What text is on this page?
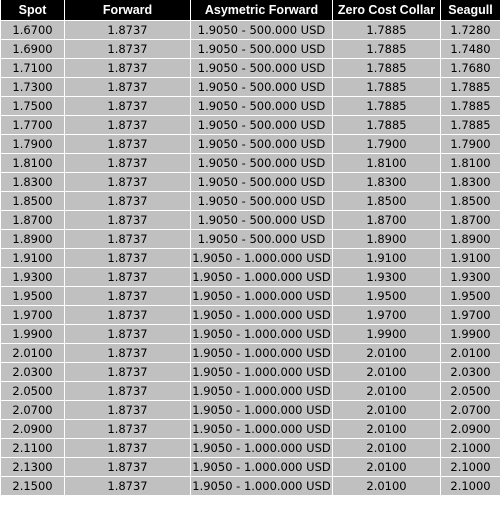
Spot	Forward	Asymetric Forward	Zero Cost Collar	Seagull
1.6700	1.8737	1.9050 - 500.000 USD	1.7885	1.7280
1.6900	1.8737	1.9050 - 500.000 USD	1.7885	1.7480
1.7100	1.8737	1.9050 - 500.000 USD	1.7885	1.7680
1.7300	1.8737	1.9050 - 500.000 USD	1.7885	1.7885
1.7500	1.8737	1.9050 - 500.000 USD	1.7885	1.7885
1.7700	1.8737	1.9050 - 500.000 USD	1.7885	1.7885
1.7900	1.8737	1.9050 - 500.000 USD	1.7900	1.7900
1.8100	1.8737	1.9050 - 500.000 USD	1.8100	1.8100
1.8300	1.8737	1.9050 - 500.000 USD	1.8300	1.8300
1.8500	1.8737	1.9050 - 500.000 USD	1.8500	1.8500
1.8700	1.8737	1.9050 - 500.000 USD	1.8700	1.8700
1.8900	1.8737	1.9050 - 500.000 USD	1.8900	1.8900
1.9100	1.8737	1.9050 - 1.000.000 USD	1.9100	1.9100
1.9300	1.8737	1.9050 - 1.000.000 USD	1.9300	1.9300
1.9500	1.8737	1.9050 - 1.000.000 USD	1.9500	1.9500
1.9700	1.8737	1.9050 - 1.000.000 USD	1.9700	1.9700
1.9900	1.8737	1.9050 - 1.000.000 USD	1.9900	1.9900
2.0100	1.8737	1.9050 - 1.000.000 USD	2.0100	2.0100
2.0300	1.8737	1.9050 - 1.000.000 USD	2.0100	2.0300
2.0500	1.8737	1.9050 - 1.000.000 USD	2.0100	2.0500
2.0700	1.8737	1.9050 - 1.000.000 USD	2.0100	2.0700
2.0900	1.8737	1.9050 - 1.000.000 USD	2.0100	2.0900
2.1100	1.8737	1.9050 - 1.000.000 USD	2.0100	2.1000
2.1300	1.8737	1.9050 - 1.000.000 USD	2.0100	2.1000
2.1500	1.8737	1.9050 - 1.000.000 USD	2.0100	2.1000
